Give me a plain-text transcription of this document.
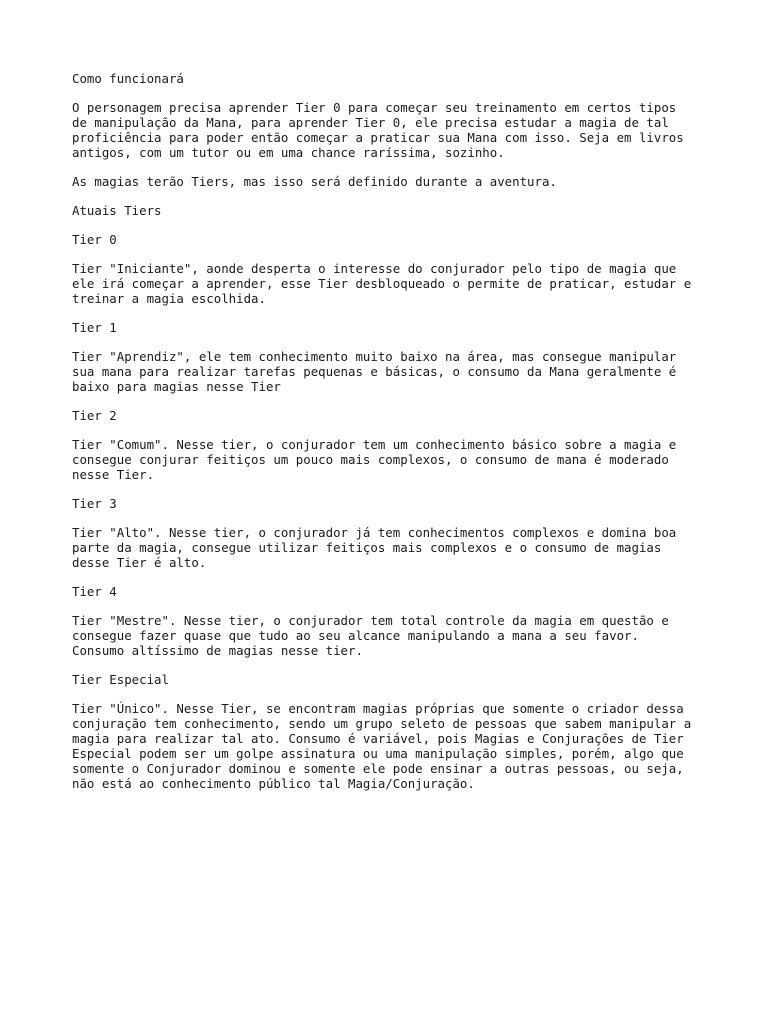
Como funcionará

O personagem precisa aprender Tier 0 para começar seu treinamento em certos tipos
de manipulação da Mana, para aprender Tier 0, ele precisa estudar a magia de tal
proficiência para poder então começar a praticar sua Mana com isso. Seja em livros
antigos, com um tutor ou em uma chance raríssima, sozinho.

As magias terão Tiers, mas isso será definido durante a aventura.

Atuais Tiers

Tier 0

Tier "Iniciante", aonde desperta o interesse do conjurador pelo tipo de magia que
ele irá começar a aprender, esse Tier desbloqueado o permite de praticar, estudar e
treinar a magia escolhida.

Tier 1

Tier "Aprendiz", ele tem conhecimento muito baixo na área, mas consegue manipular
sua mana para realizar tarefas pequenas e básicas, o consumo da Mana geralmente é
baixo para magias nesse Tier

Tier 2

Tier "Comum". Nesse tier, o conjurador tem um conhecimento básico sobre a magia e
consegue conjurar feitiços um pouco mais complexos, o consumo de mana é moderado
nesse Tier.

Tier 3

Tier "Alto". Nesse tier, o conjurador já tem conhecimentos complexos e domina boa
parte da magia, consegue utilizar feitiços mais complexos e o consumo de magias
desse Tier é alto.

Tier 4

Tier "Mestre". Nesse tier, o conjurador tem total controle da magia em questão e
consegue fazer quase que tudo ao seu alcance manipulando a mana a seu favor.
Consumo altíssimo de magias nesse tier.

Tier Especial

Tier "Único". Nesse Tier, se encontram magias próprias que somente o criador dessa
conjuração tem conhecimento, sendo um grupo seleto de pessoas que sabem manipular a
magia para realizar tal ato. Consumo é variável, pois Magias e Conjurações de Tier
Especial podem ser um golpe assinatura ou uma manipulação simples, porém, algo que
somente o Conjurador dominou e somente ele pode ensinar a outras pessoas, ou seja,
não está ao conhecimento público tal Magia/Conjuração.
